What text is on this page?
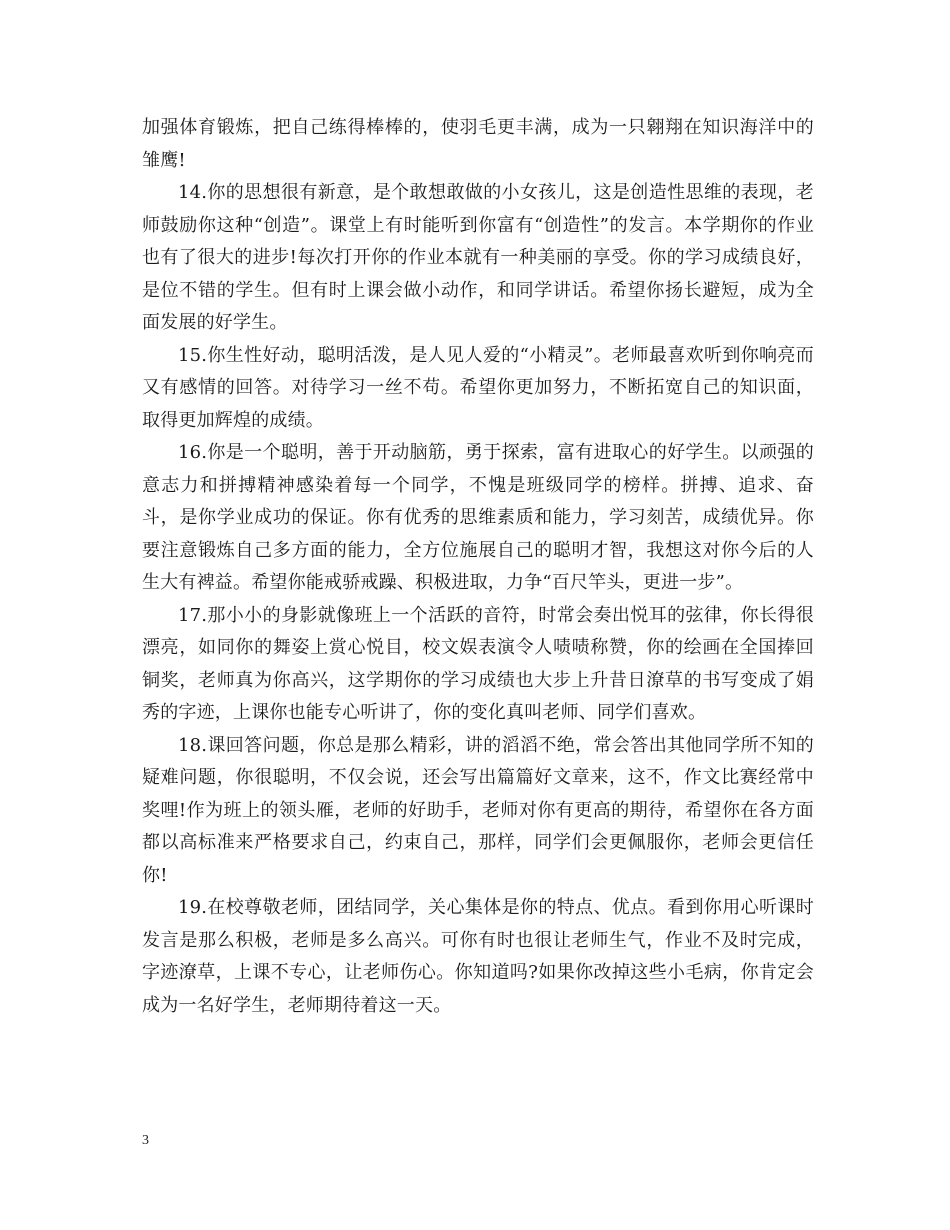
加强体育锻炼，把自己练得棒棒的，使羽毛更丰满，成为一只翱翔在知识海洋中的雏鹰!

14.你的思想很有新意，是个敢想敢做的小女孩儿，这是创造性思维的表现，老师鼓励你这种“创造”。课堂上有时能听到你富有“创造性”的发言。本学期你的作业也有了很大的进步!每次打开你的作业本就有一种美丽的享受。你的学习成绩良好，是位不错的学生。但有时上课会做小动作，和同学讲话。希望你扬长避短，成为全面发展的好学生。

15.你生性好动，聪明活泼，是人见人爱的“小精灵”。老师最喜欢听到你响亮而又有感情的回答。对待学习一丝不苟。希望你更加努力，不断拓宽自己的知识面，取得更加辉煌的成绩。

16.你是一个聪明，善于开动脑筋，勇于探索，富有进取心的好学生。以顽强的意志力和拼搏精神感染着每一个同学，不愧是班级同学的榜样。拼搏、追求、奋斗，是你学业成功的保证。你有优秀的思维素质和能力，学习刻苦，成绩优异。你要注意锻炼自己多方面的能力，全方位施展自己的聪明才智，我想这对你今后的人生大有裨益。希望你能戒骄戒躁、积极进取，力争“百尺竿头，更进一步”。

17.那小小的身影就像班上一个活跃的音符，时常会奏出悦耳的弦律，你长得很漂亮，如同你的舞姿上赏心悦目，校文娱表演令人啧啧称赞，你的绘画在全国捧回铜奖，老师真为你高兴，这学期你的学习成绩也大步上升昔日潦草的书写变成了娟秀的字迹，上课你也能专心听讲了，你的变化真叫老师、同学们喜欢。

18.课回答问题，你总是那么精彩，讲的滔滔不绝，常会答出其他同学所不知的疑难问题，你很聪明，不仅会说，还会写出篇篇好文章来，这不，作文比赛经常中奖哩!作为班上的领头雁，老师的好助手，老师对你有更高的期待，希望你在各方面都以高标准来严格要求自己，约束自己，那样，同学们会更佩服你，老师会更信任你!

19.在校尊敬老师，团结同学，关心集体是你的特点、优点。看到你用心听课时发言是那么积极，老师是多么高兴。可你有时也很让老师生气，作业不及时完成，字迹潦草，上课不专心，让老师伤心。你知道吗?如果你改掉这些小毛病，你肯定会成为一名好学生，老师期待着这一天。

3
